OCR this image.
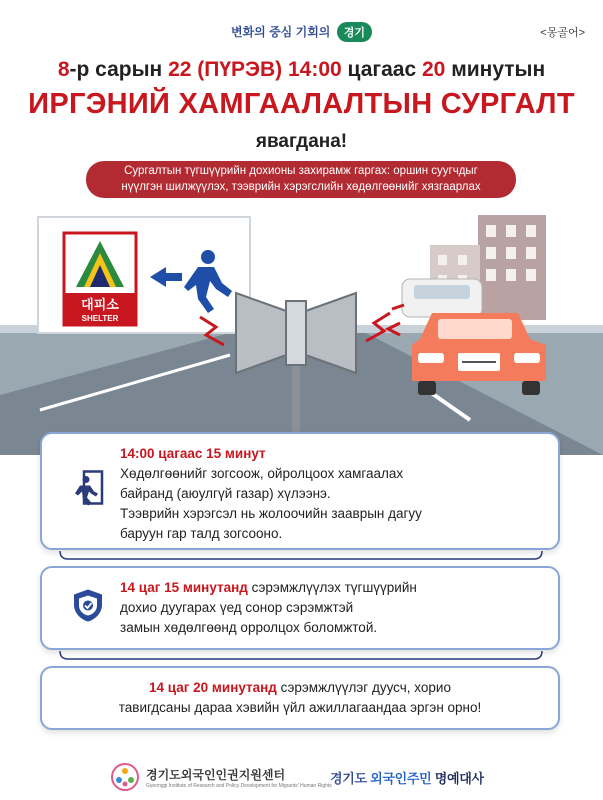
변화의 중심 기회의 경기	<몽골어>
8-р сарын 22 (ПҮРЭВ) 14:00 цагаас 20 минутын
ИРГЭНИЙ ХАМГААЛАЛТЫН СУРГАЛТ
явагдана!
Сургалтын түгшүүрийн дохионы захирамж гаргах: оршин суугчдыг
нүүлгэн шилжүүлэх, тээврийн хэрэгслийн хөдөлгөөнийг хязгаарлах
대피소
SHELTER
14:00 цагаас 15 минут
Хөдөлгөөнийг зогсоож, ойролцоох хамгаалах
байранд (аюулгүй газар) хүлээнэ.
Тээврийн хэрэгсэл нь жолоочийн зааврын дагуу
баруун гар талд зогсооно.
14 цаг 15 минутанд сэрэмжлүүлэх түгшүүрийн
дохио дуугарах үед сонор сэрэмжтэй
замын хөдөлгөөнд орролцох боломжтой.
14 цаг 20 минутанд сэрэмжлүүлэг дуусч, хорио
тавигдсаны дараа хэвийн үйл ажиллагаандаа эргэн орно!
경기도외국인인권지원센터
Gyeonggi Institute of Research and Policy Development for Migrants' Human Rights
경기도 외국인주민 명예대사
